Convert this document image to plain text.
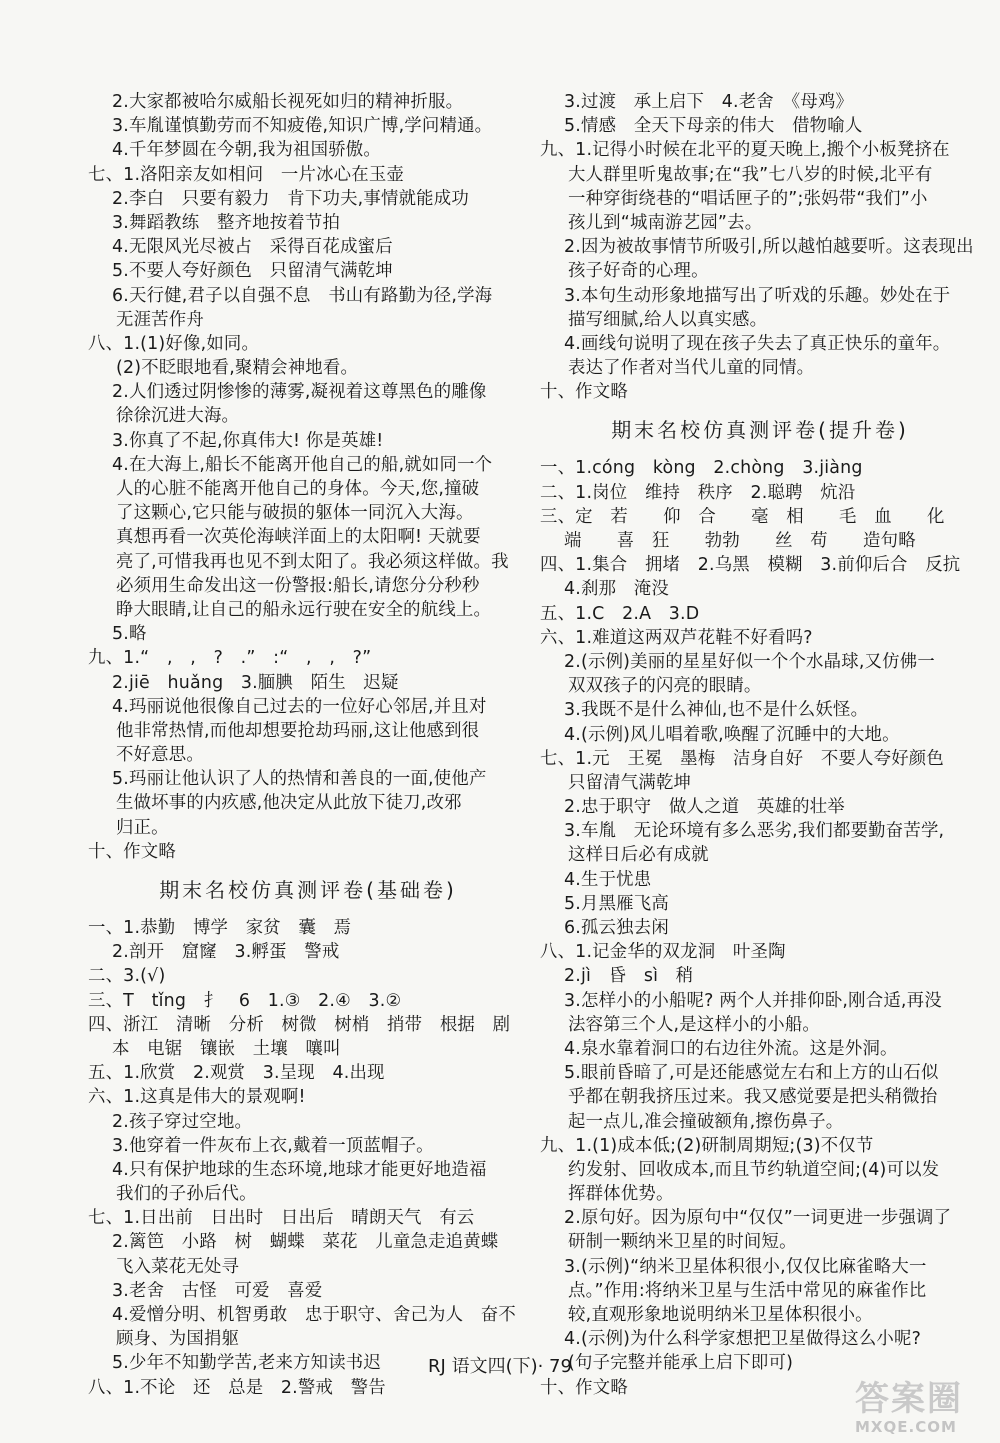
2.大家都被哈尔威船长视死如归的精神折服。
3.车胤谨慎勤劳而不知疲倦,知识广博,学问精通。
4.千年梦圆在今朝,我为祖国骄傲。
七、1.洛阳亲友如相问　一片冰心在玉壶
2.李白　只要有毅力　肯下功夫,事情就能成功
3.舞蹈教练　整齐地按着节拍
4.无限风光尽被占　采得百花成蜜后
5.不要人夸好颜色　只留清气满乾坤
6.天行健,君子以自强不息　书山有路勤为径,学海
无涯苦作舟
八、1.(1)好像,如同。
(2)不眨眼地看,聚精会神地看。
2.人们透过阴惨惨的薄雾,凝视着这尊黑色的雕像
徐徐沉进大海。
3.你真了不起,你真伟大! 你是英雄!
4.在大海上,船长不能离开他自己的船,就如同一个
人的心脏不能离开他自己的身体。今天,您,撞破
了这颗心,它只能与破损的躯体一同沉入大海。
真想再看一次英伦海峡洋面上的太阳啊! 天就要
亮了,可惜我再也见不到太阳了。我必须这样做。我
必须用生命发出这一份警报:船长,请您分分秒秒
睁大眼睛,让自己的船永远行驶在安全的航线上。
5.略
九、1.“　,　,　?　.”　:“　,　,　?”
2.jiē　huǎng　3.腼腆　陌生　迟疑
4.玛丽说他很像自己过去的一位好心邻居,并且对
他非常热情,而他却想要抢劫玛丽,这让他感到很
不好意思。
5.玛丽让他认识了人的热情和善良的一面,使他产
生做坏事的内疚感,他决定从此放下徒刀,改邪
归正。
十、作文略
期末名校仿真测评卷(基础卷)
一、1.恭勤　博学　家贫　囊　焉
2.剖开　窟窿　3.孵蛋　警戒
二、3.(√)
三、T　tǐng　扌　6　1.③　2.④　3.②
四、浙江　清晰　分析　树微　树梢　捎带　根据　剧
本　电锯　镶嵌　土壤　嚷叫
五、1.欣赏　2.观赏　3.呈现　4.出现
六、1.这真是伟大的景观啊!
2.孩子穿过空地。
3.他穿着一件灰布上衣,戴着一顶蓝帽子。
4.只有保护地球的生态环境,地球才能更好地造福
我们的子孙后代。
七、1.日出前　日出时　日出后　晴朗天气　有云
2.篱笆　小路　树　蝴蝶　菜花　儿童急走追黄蝶
飞入菜花无处寻
3.老舍　古怪　可爱　喜爱
4.爱憎分明、机智勇敢　忠于职守、舍己为人　奋不
顾身、为国捐躯
5.少年不知勤学苦,老来方知读书迟
八、1.不论　还　总是　2.警戒　警告
3.过渡　承上启下　4.老舍　《母鸡》
5.情感　全天下母亲的伟大　借物喻人
九、1.记得小时候在北平的夏天晚上,搬个小板凳挤在
大人群里听鬼故事;在“我”七八岁的时候,北平有
一种穿街绕巷的“唱话匣子的”;张妈带“我们”小
孩儿到“城南游艺园”去。
2.因为被故事情节所吸引,所以越怕越要听。这表现出
孩子好奇的心理。
3.本句生动形象地描写出了听戏的乐趣。妙处在于
描写细腻,给人以真实感。
4.画线句说明了现在孩子失去了真正快乐的童年。
表达了作者对当代儿童的同情。
十、作文略
期末名校仿真测评卷(提升卷)
一、1.cóng　kòng　2.chòng　3.jiàng
二、1.岗位　维持　秩序　2.聪聘　炕沿
三、定　若　　仰　合　　毫　相　　毛　血　　化
端　　喜　狂　　勃勃　　丝　苟　　造句略
四、1.集合　拥堵　2.乌黑　模糊　3.前仰后合　反抗
4.刹那　淹没
五、1.C　2.A　3.D
六、1.难道这两双芦花鞋不好看吗?
2.(示例)美丽的星星好似一个个水晶球,又仿佛一
双双孩子的闪亮的眼睛。
3.我既不是什么神仙,也不是什么妖怪。
4.(示例)风儿唱着歌,唤醒了沉睡中的大地。
七、1.元　王冕　墨梅　洁身自好　不要人夸好颜色
只留清气满乾坤
2.忠于职守　做人之道　英雄的壮举
3.车胤　无论环境有多么恶劣,我们都要勤奋苦学,
这样日后必有成就
4.生于忧患
5.月黑雁飞高
6.孤云独去闲
八、1.记金华的双龙洞　叶圣陶
2.jì　昏　sì　稍
3.怎样小的小船呢? 两个人并排仰卧,刚合适,再没
法容第三个人,是这样小的小船。
4.泉水靠着洞口的右边往外流。这是外洞。
5.眼前昏暗了,可是还能感觉左右和上方的山石似
乎都在朝我挤压过来。我又感觉要是把头稍微抬
起一点儿,准会撞破额角,擦伤鼻子。
九、1.(1)成本低;(2)研制周期短;(3)不仅节
约发射、回收成本,而且节约轨道空间;(4)可以发
挥群体优势。
2.原句好。因为原句中“仅仅”一词更进一步强调了
研制一颗纳米卫星的时间短。
3.(示例)“纳米卫星体积很小,仅仅比麻雀略大一
点。”作用:将纳米卫星与生活中常见的麻雀作比
较,直观形象地说明纳米卫星体积很小。
4.(示例)为什么科学家想把卫星做得这么小呢?
(句子完整并能承上启下即可)
十、作文略
RJ 语文四(下)· 79
答案圈
MXQE.COM
